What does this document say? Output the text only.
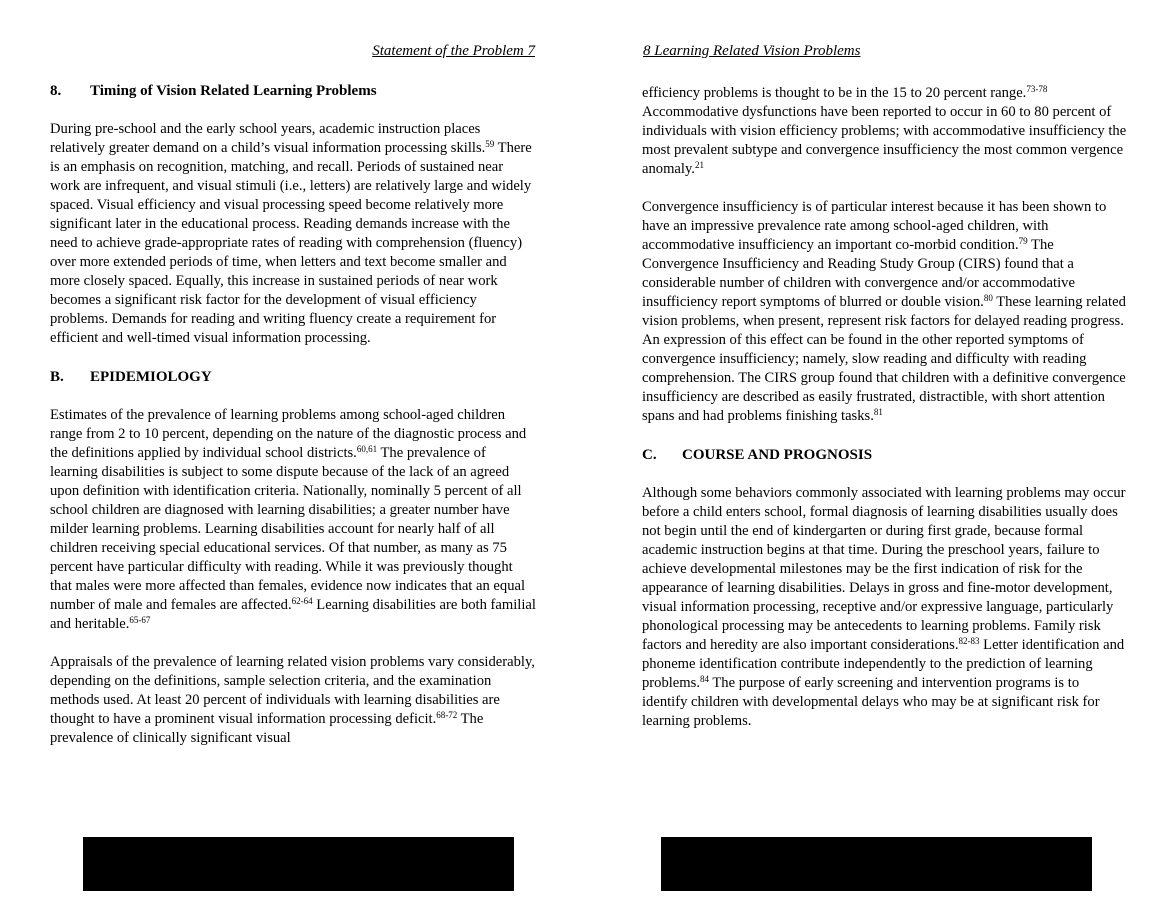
Statement of the Problem 7
8. Timing of Vision Related Learning Problems

During pre-school and the early school years, academic instruction places relatively greater demand on a child’s visual information processing skills.$^{59}$ There is an emphasis on recognition, matching, and recall. Periods of sustained near work are infrequent, and visual stimuli (i.e., letters) are relatively large and widely spaced. Visual efficiency and visual processing speed become relatively more significant later in the educational process. Reading demands increase with the need to achieve grade-appropriate rates of reading with comprehension (fluency) over more extended periods of time, when letters and text become smaller and more closely spaced. Equally, this increase in sustained periods of near work becomes a significant risk factor for the development of visual efficiency problems. Demands for reading and writing fluency create a requirement for efficient and well-timed visual information processing.

B. EPIDEMIOLOGY

Estimates of the prevalence of learning problems among school-aged children range from 2 to 10 percent, depending on the nature of the diagnostic process and the definitions applied by individual school districts.$^{60,61}$ The prevalence of learning disabilities is subject to some dispute because of the lack of an agreed upon definition with identification criteria. Nationally, nominally 5 percent of all school children are diagnosed with learning disabilities; a greater number have milder learning problems. Learning disabilities account for nearly half of all children receiving special educational services. Of that number, as many as 75 percent have particular difficulty with reading. While it was previously thought that males were more affected than females, evidence now indicates that an equal number of male and females are affected.$^{62-64}$ Learning disabilities are both familial and heritable.$^{65-67}$

Appraisals of the prevalence of learning related vision problems vary considerably, depending on the definitions, sample selection criteria, and the examination methods used. At least 20 percent of individuals with learning disabilities are thought to have a prominent visual information processing deficit.$^{68-72}$ The prevalence of clinically significant visual

8 Learning Related Vision Problems

efficiency problems is thought to be in the 15 to 20 percent range.$^{73-78}$ Accommodative dysfunctions have been reported to occur in 60 to 80 percent of individuals with vision efficiency problems; with accommodative insufficiency the most prevalent subtype and convergence insufficiency the most common vergence anomaly.$^{21}$

Convergence insufficiency is of particular interest because it has been shown to have an impressive prevalence rate among school-aged children, with accommodative insufficiency an important co-morbid condition.$^{79}$ The Convergence Insufficiency and Reading Study Group (CIRS) found that a considerable number of children with convergence and/or accommodative insufficiency report symptoms of blurred or double vision.$^{80}$ These learning related vision problems, when present, represent risk factors for delayed reading progress. An expression of this effect can be found in the other reported symptoms of convergence insufficiency; namely, slow reading and difficulty with reading comprehension. The CIRS group found that children with a definitive convergence insufficiency are described as easily frustrated, distractible, with short attention spans and had problems finishing tasks.$^{81}$

C. COURSE AND PROGNOSIS

Although some behaviors commonly associated with learning problems may occur before a child enters school, formal diagnosis of learning disabilities usually does not begin until the end of kindergarten or during first grade, because formal academic instruction begins at that time. During the preschool years, failure to achieve developmental milestones may be the first indication of risk for the appearance of learning disabilities. Delays in gross and fine-motor development, visual information processing, receptive and/or expressive language, particularly phonological processing may be antecedents to learning problems. Family risk factors and heredity are also important considerations.$^{82-83}$ Letter identification and phoneme identification contribute independently to the prediction of learning problems.$^{84}$ The purpose of early screening and intervention programs is to identify children with developmental delays who may be at significant risk for learning problems.
